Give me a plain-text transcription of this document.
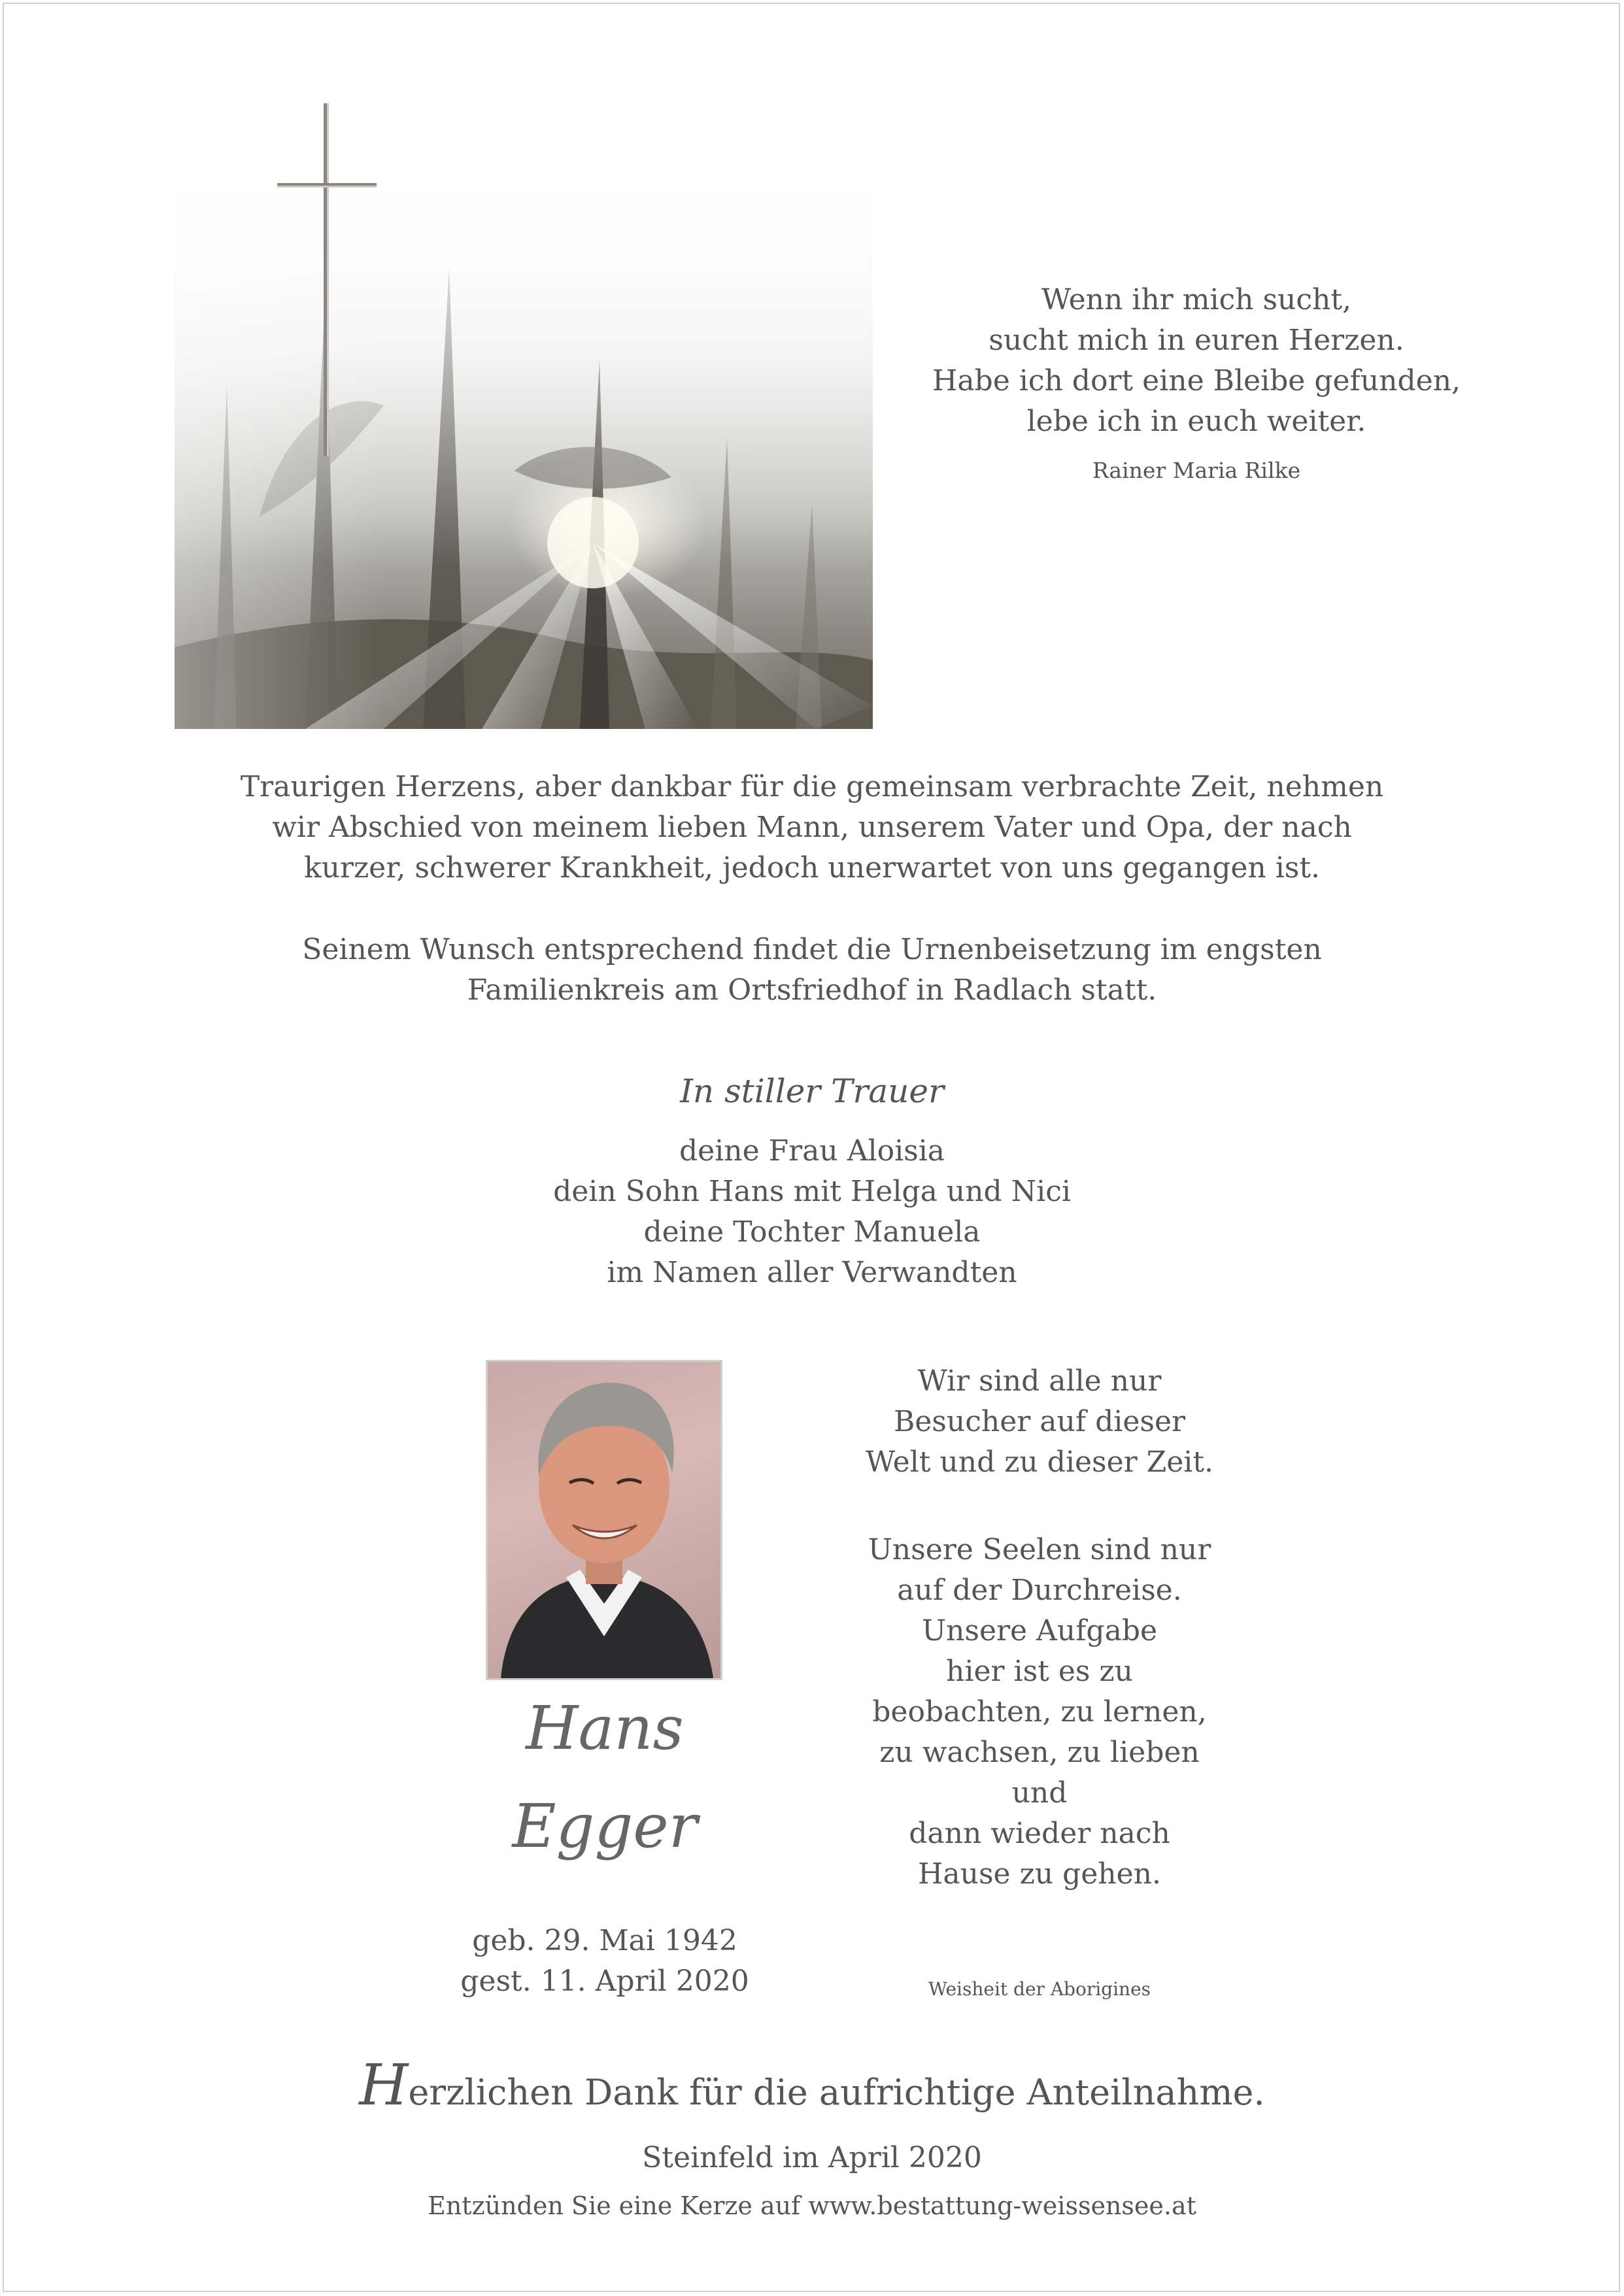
Wenn ihr mich sucht,
sucht mich in euren Herzen.
Habe ich dort eine Bleibe gefunden,
lebe ich in euch weiter.
Rainer Maria Rilke
Traurigen Herzens, aber dankbar für die gemeinsam verbrachte Zeit, nehmen
wir Abschied von meinem lieben Mann, unserem Vater und Opa, der nach
kurzer, schwerer Krankheit, jedoch unerwartet von uns gegangen ist.
Seinem Wunsch entsprechend findet die Urnenbeisetzung im engsten
Familienkreis am Ortsfriedhof in Radlach statt.
In stiller Trauer
deine Frau Aloisia
dein Sohn Hans mit Helga und Nici
deine Tochter Manuela
im Namen aller Verwandten
Hans
Egger
geb. 29. Mai 1942
gest. 11. April 2020
Wir sind alle nur
Besucher auf dieser
Welt und zu dieser Zeit.
Unsere Seelen sind nur
auf der Durchreise.
Unsere Aufgabe
hier ist es zu
beobachten, zu lernen,
zu wachsen, zu lieben
und
dann wieder nach
Hause zu gehen.
Weisheit der Aborigines
Herzlichen Dank für die aufrichtige Anteilnahme.
Steinfeld im April 2020
Entzünden Sie eine Kerze auf www.bestattung-weissensee.at
